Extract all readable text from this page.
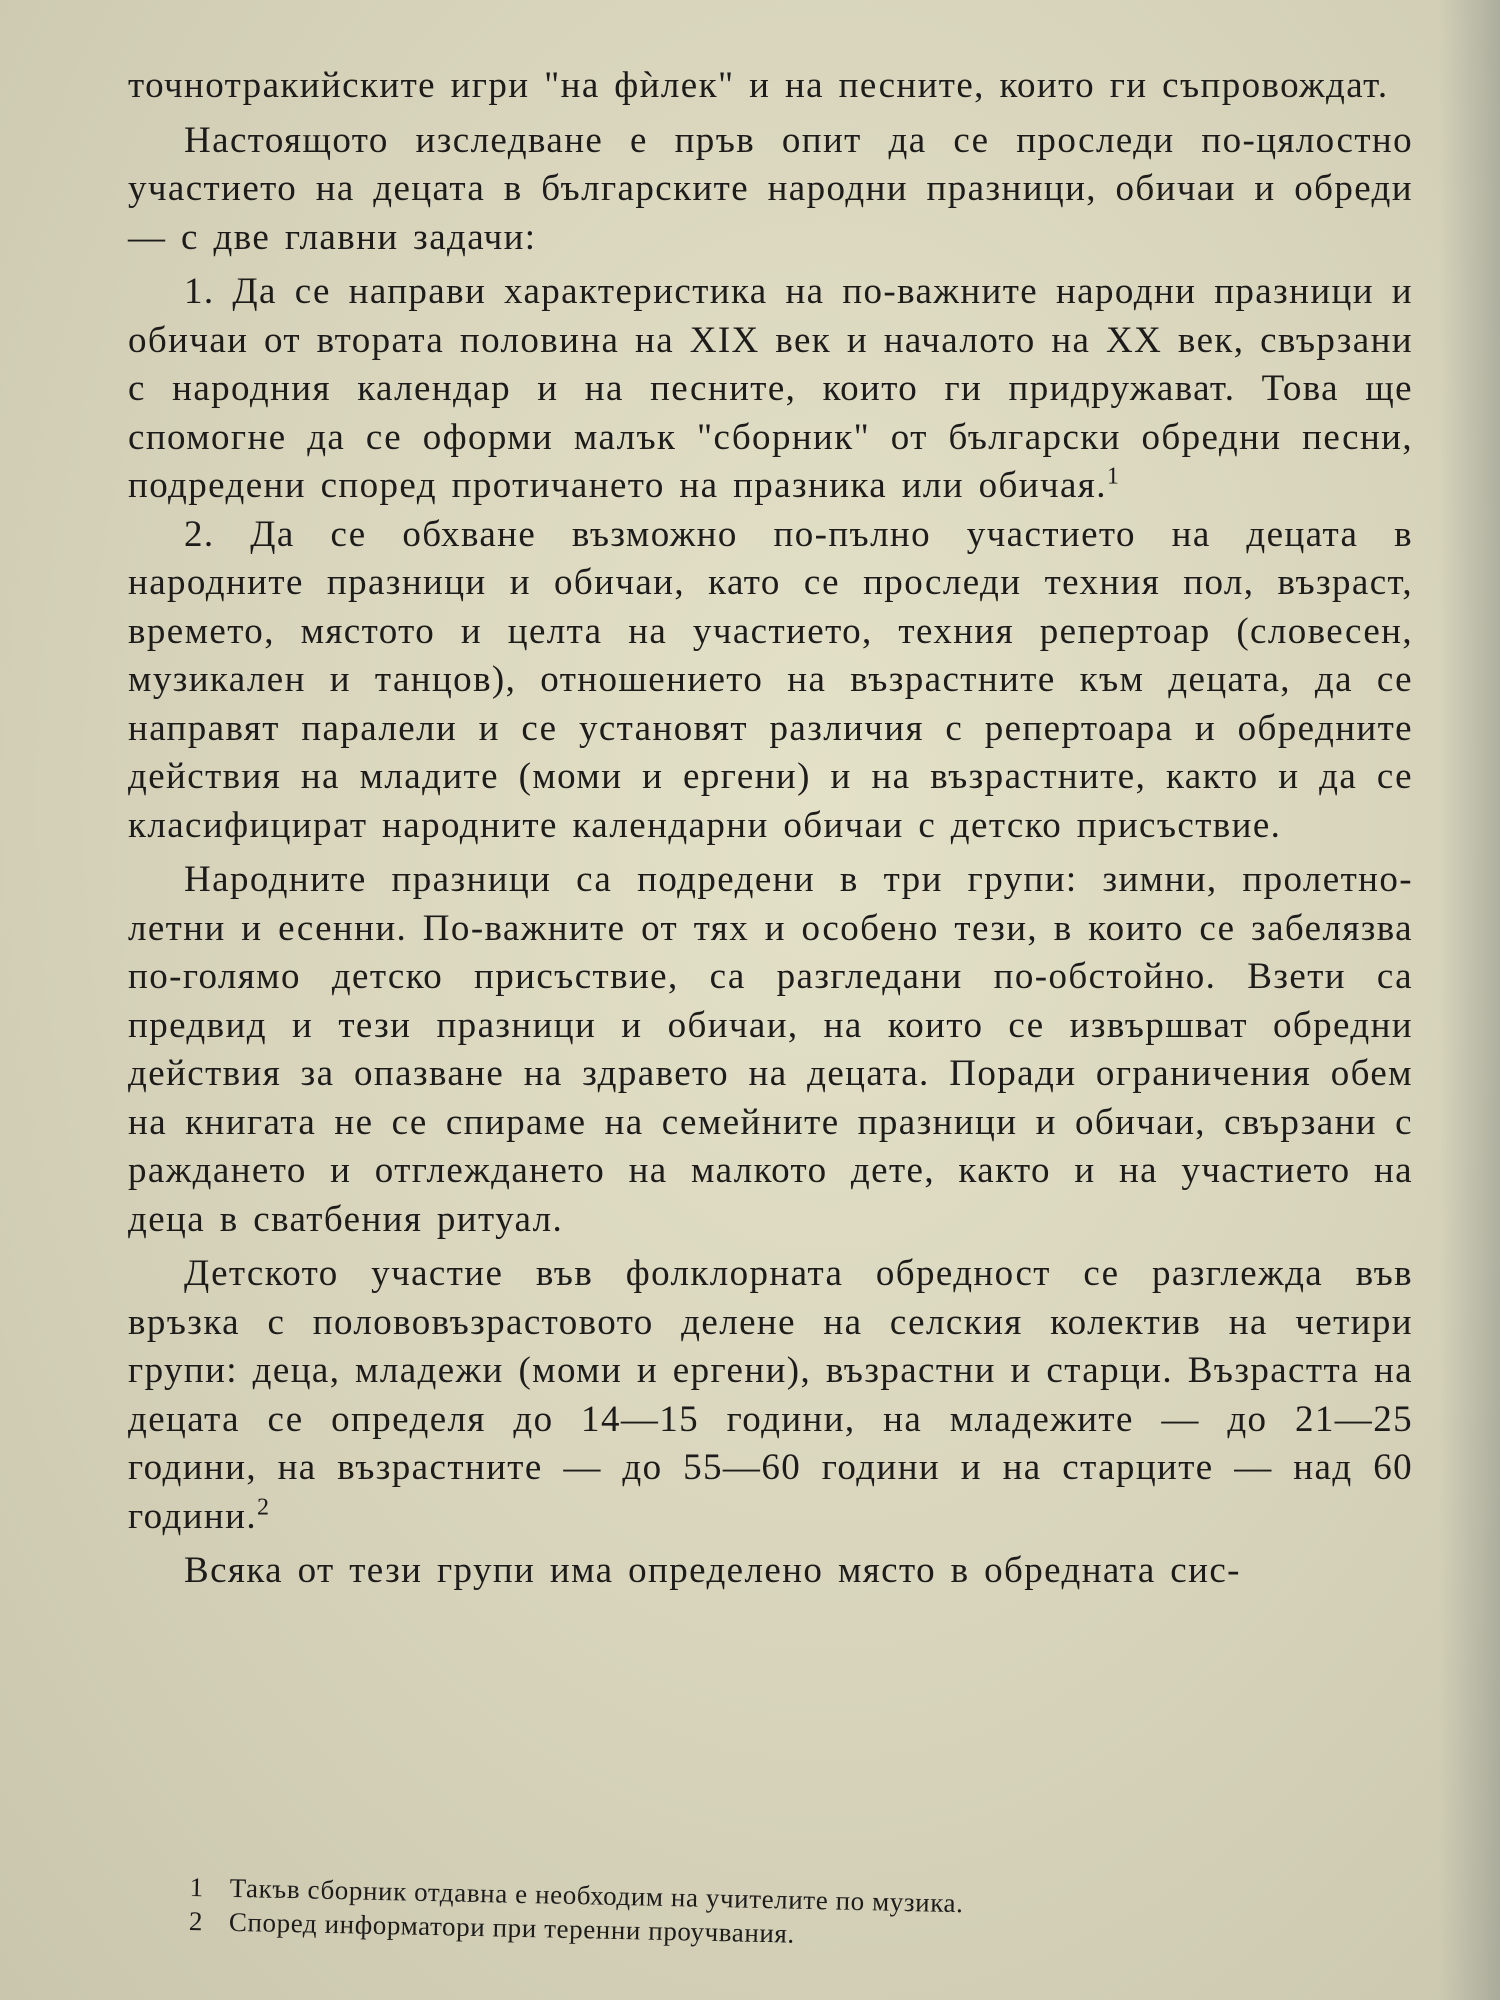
точнотракийските игри "на фѝлек" и на песните, които ги съпровождат.

Настоящото изследване е пръв опит да се проследи по-цялостно участието на децата в българските народни празници, обичаи и обреди — с две главни задачи:

1. Да се направи характеристика на по-важните народни празници и обичаи от втората половина на XIX век и началото на XX век, свързани с народния календар и на песните, които ги придружават. Това ще спомогне да се оформи малък "сборник" от български обредни песни, подредени според протичането на празника или обичая.$^1$

2. Да се обхване възможно по-пълно участието на децата в народните празници и обичаи, като се проследи техния пол, възраст, времето, мястото и целта на участието, техния репертоар (словесен, музикален и танцов), отношението на възрастните към децата, да се направят паралели и се установят различия с репертоара и обредните действия на младите (моми и ергени) и на възрастните, както и да се класифицират народните календарни обичаи с детско присъствие.

Народните празници са подредени в три групи: зимни, пролетно-летни и есенни. По-важните от тях и особено тези, в които се забелязва по-голямо детско присъствие, са разгледани по-обстойно. Взети са предвид и тези празници и обичаи, на които се извършват обредни действия за опазване на здравето на децата. Поради ограничения обем на книгата не се спираме на семейните празници и обичаи, свързани с раждането и отглеждането на малкото дете, както и на участието на деца в сватбения ритуал.

Детското участие във фолклорната обредност се разглежда във връзка с полововъзрастовото делене на селския колектив на четири групи: деца, младежи (моми и ергени), възрастни и старци. Възрастта на децата се определя до 14—15 години, на младежите — до 21—25 години, на възрастните — до 55—60 години и на старците — над 60 години.$^2$

Всяка от тези групи има определено място в обредната сис-

1 Такъв сборник отдавна е необходим на учителите по музика.
2 Според информатори при теренни проучвания.
